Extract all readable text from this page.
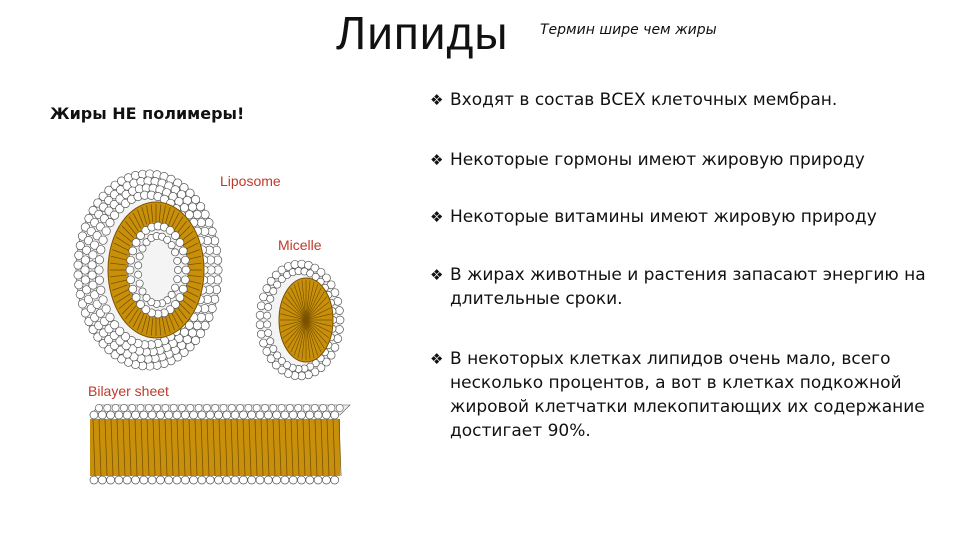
Липиды Термин шире чем жиры
Жиры НЕ полимеры!
❖ Входят в состав ВСЕХ клеточных мембран.
❖ Некоторые гормоны имеют жировую природу
❖ Некоторые витамины имеют жировую природу
❖ В жирах животные и растения запасают энергию на длительные сроки.
❖ В некоторых клетках липидов очень мало, всего несколько процентов, а вот в клетках подкожной жировой клетчатки млекопитающих их содержание достигает 90%.
Liposome
Micelle
Bilayer sheet
